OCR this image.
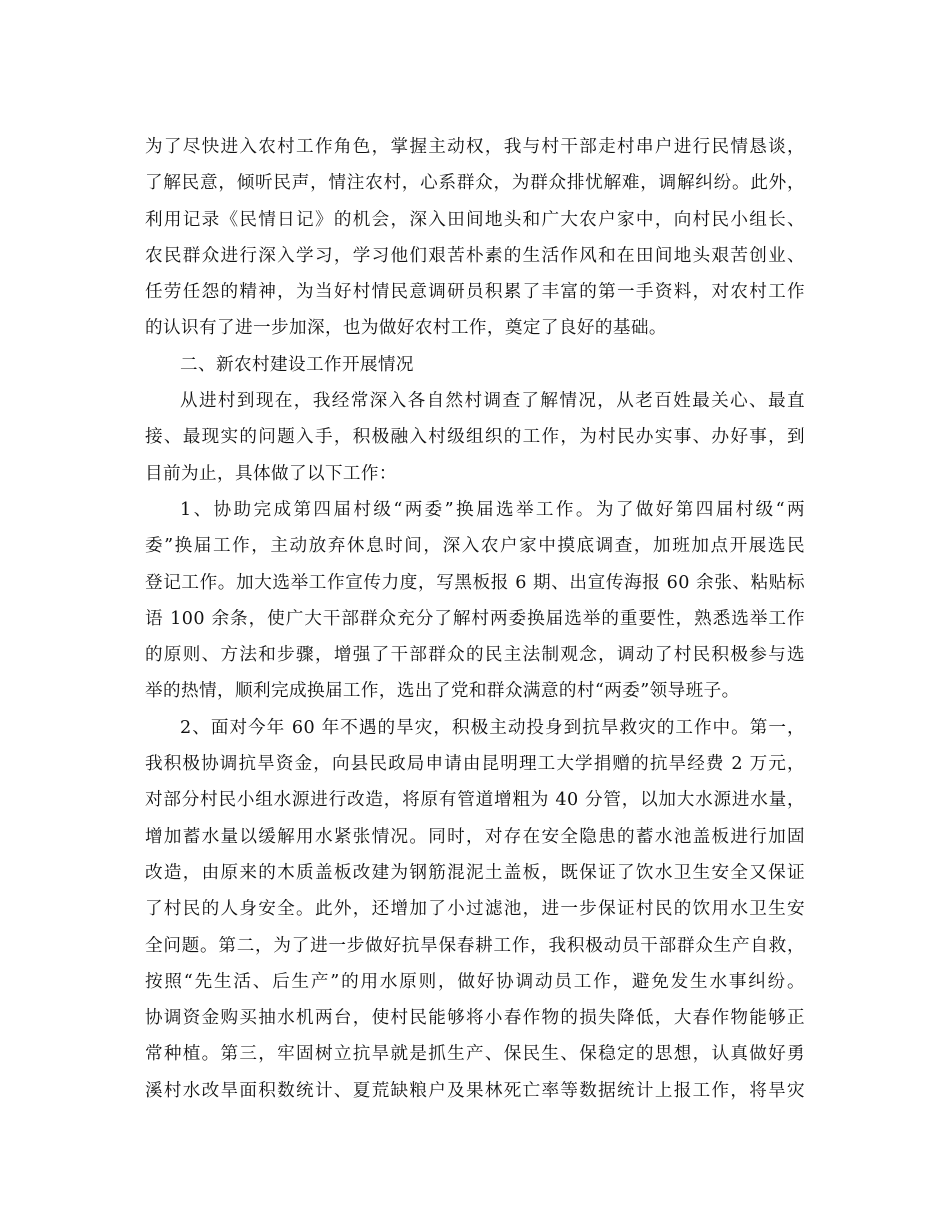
为了尽快进入农村工作角色，掌握主动权，我与村干部走村串户进行民情恳谈，
了解民意，倾听民声，情注农村，心系群众，为群众排忧解难，调解纠纷。此外，
利用记录《民情日记》的机会，深入田间地头和广大农户家中，向村民小组长、
农民群众进行深入学习，学习他们艰苦朴素的生活作风和在田间地头艰苦创业、
任劳任怨的精神，为当好村情民意调研员积累了丰富的第一手资料，对农村工作
的认识有了进一步加深，也为做好农村工作，奠定了良好的基础。
二、新农村建设工作开展情况
从进村到现在，我经常深入各自然村调查了解情况，从老百姓最关心、最直
接、最现实的问题入手，积极融入村级组织的工作，为村民办实事、办好事，到
目前为止，具体做了以下工作：
1、协助完成第四届村级“两委”换届选举工作。为了做好第四届村级“两
委”换届工作，主动放弃休息时间，深入农户家中摸底调查，加班加点开展选民
登记工作。加大选举工作宣传力度，写黑板报 6 期、出宣传海报 60 余张、粘贴标
语 100 余条，使广大干部群众充分了解村两委换届选举的重要性，熟悉选举工作
的原则、方法和步骤，增强了干部群众的民主法制观念，调动了村民积极参与选
举的热情，顺利完成换届工作，选出了党和群众满意的村“两委”领导班子。
2、面对今年 60 年不遇的旱灾，积极主动投身到抗旱救灾的工作中。第一，
我积极协调抗旱资金，向县民政局申请由昆明理工大学捐赠的抗旱经费 2 万元，
对部分村民小组水源进行改造，将原有管道增粗为 40 分管，以加大水源进水量，
增加蓄水量以缓解用水紧张情况。同时，对存在安全隐患的蓄水池盖板进行加固
改造，由原来的木质盖板改建为钢筋混泥土盖板，既保证了饮水卫生安全又保证
了村民的人身安全。此外，还增加了小过滤池，进一步保证村民的饮用水卫生安
全问题。第二，为了进一步做好抗旱保春耕工作，我积极动员干部群众生产自救，
按照“先生活、后生产”的用水原则，做好协调动员工作，避免发生水事纠纷。
协调资金购买抽水机两台，使村民能够将小春作物的损失降低，大春作物能够正
常种植。第三，牢固树立抗旱就是抓生产、保民生、保稳定的思想，认真做好勇
溪村水改旱面积数统计、夏荒缺粮户及果林死亡率等数据统计上报工作，将旱灾
